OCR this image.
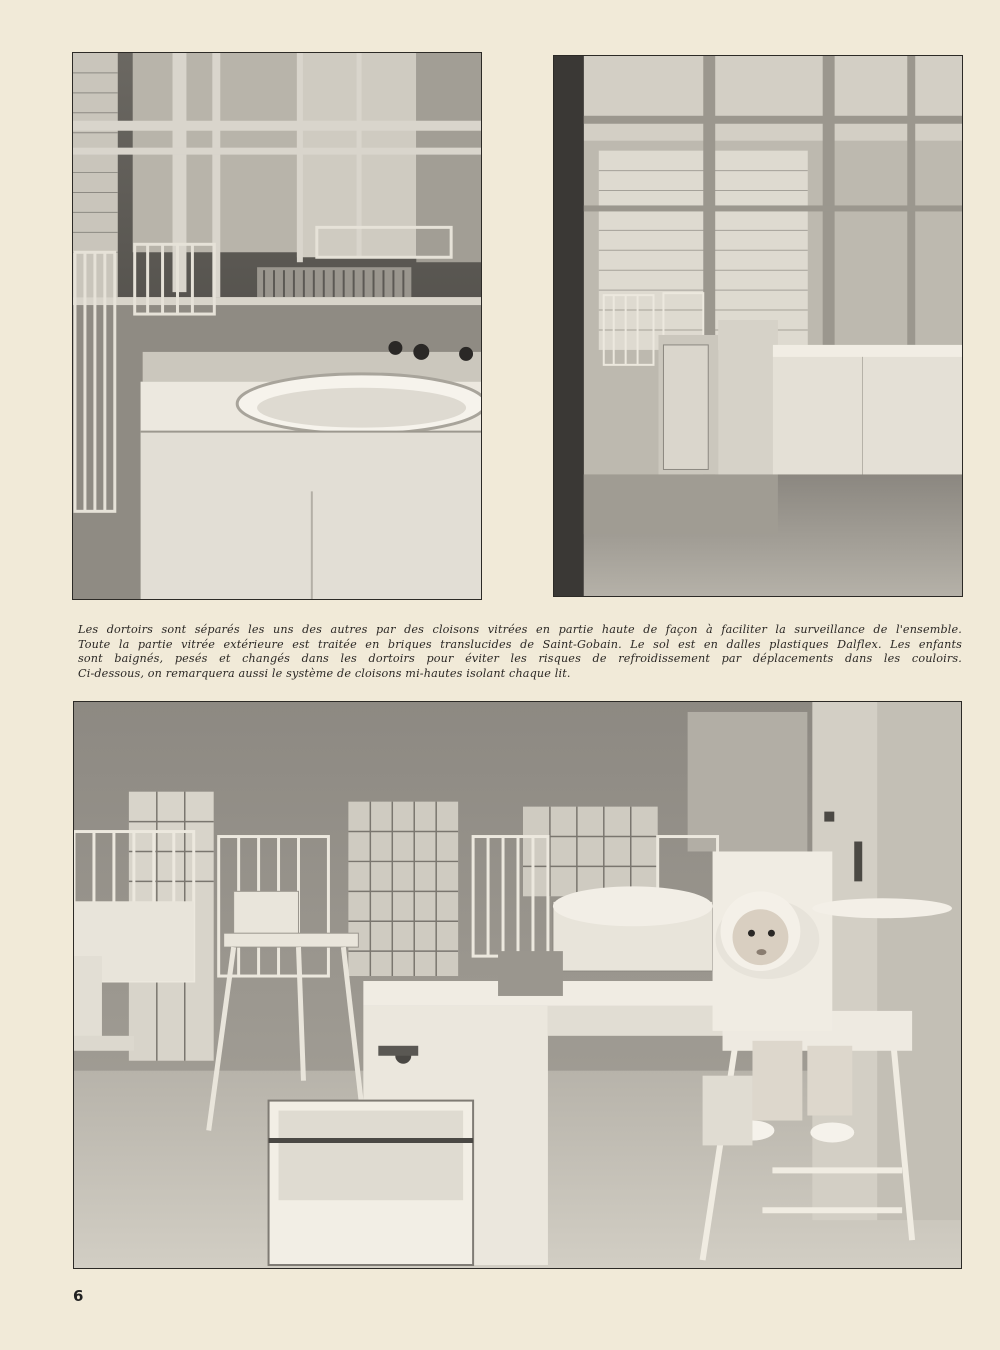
Les dortoirs sont séparés les uns des autres par des cloisons vitrées en partie haute de façon à faciliter la surveillance de l'ensemble.
Toute la partie vitrée extérieure est traitée en briques translucides de Saint-Gobain. Le sol est en dalles plastiques Dalflex. Les enfants
sont baignés, pesés et changés dans les dortoirs pour éviter les risques de refroidissement par déplacements dans les couloirs.
Ci-dessous, on remarquera aussi le système de cloisons mi-hautes isolant chaque lit.
6
